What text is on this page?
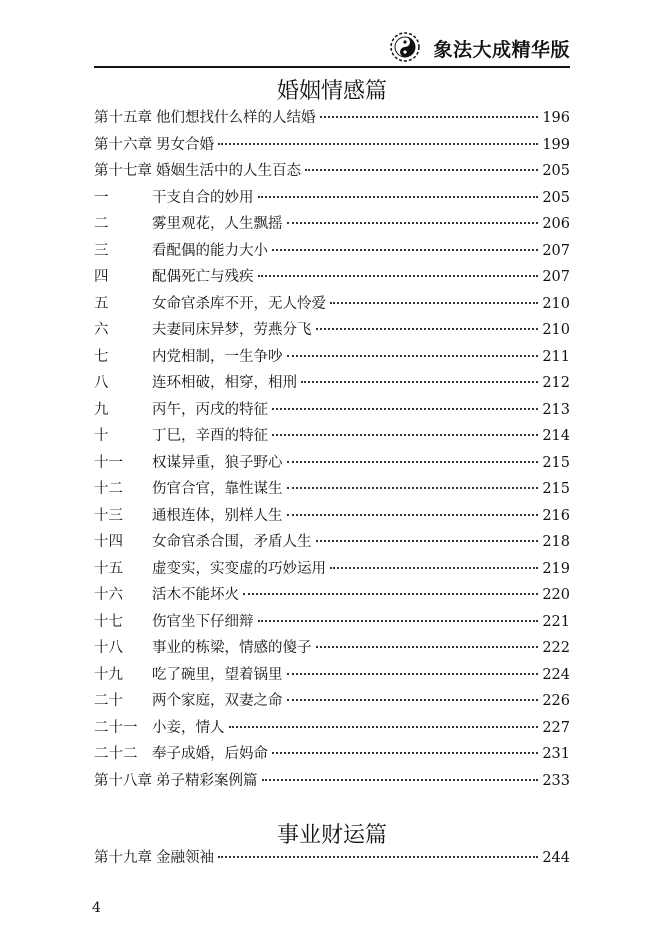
象法大成精华版
婚姻情感篇
第十五章 他们想找什么样的人结婚	196
第十六章 男女合婚	199
第十七章 婚姻生活中的人生百态	205
一	干支自合的妙用	205
二	雾里观花，人生飘摇	206
三	看配偶的能力大小	207
四	配偶死亡与残疾	207
五	女命官杀库不开，无人怜爱	210
六	夫妻同床异梦，劳燕分飞	210
七	内党相制，一生争吵	211
八	连环相破，相穿，相刑	212
九	丙午，丙戌的特征	213
十	丁巳，辛酉的特征	214
十一	权谋异重，狼子野心	215
十二	伤官合官，靠性谋生	215
十三	通根连体，别样人生	216
十四	女命官杀合围，矛盾人生	218
十五	虚变实，实变虚的巧妙运用	219
十六	活木不能坏火	220
十七	伤官坐下仔细辩	221
十八	事业的栋梁，情感的傻子	222
十九	吃了碗里，望着锅里	224
二十	两个家庭，双妻之命	226
二十一	小妾，情人	227
二十二	奉子成婚，后妈命	231
第十八章 弟子精彩案例篇	233
事业财运篇
第十九章 金融领袖	244
4
